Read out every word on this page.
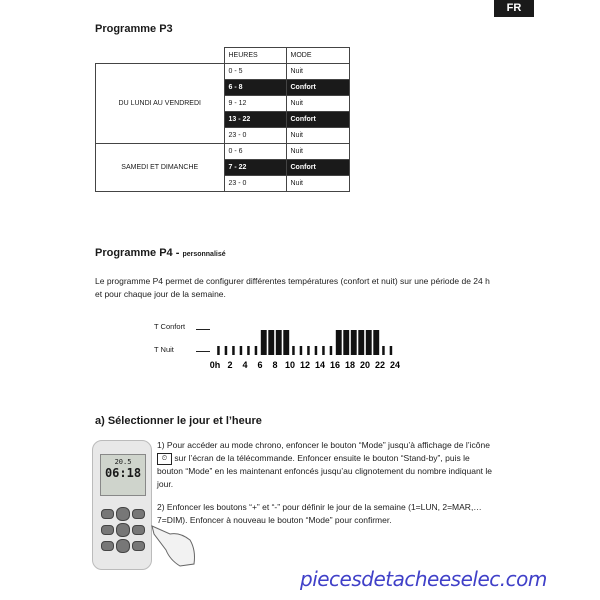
FR
Programme P3
	HEURES	MODE
DU LUNDI AU VENDREDI	0 - 5	Nuit
	6 - 8	Confort
	9 - 12	Nuit
	13 - 22	Confort
	23 - 0	Nuit
SAMEDI ET DIMANCHE	0 - 6	Nuit
	7 - 22	Confort
	23 - 0	Nuit
Programme P4 - personnalisé
Le programme P4 permet de configurer différentes températures (confort et nuit) sur une période de 24 h et pour chaque jour de la semaine.
T Confort
T Nuit
0h 2 4 6 8 10 12 14 16 18 20 22 24
a) Sélectionner le jour et l’heure
20.5
06:18
1) Pour accéder au mode chrono, enfoncer le bouton “Mode” jusqu’à affichage de l’icône ⏲ sur l’écran de la télécommande. Enfoncer ensuite le bouton “Stand-by”, puis le bouton “Mode” en les maintenant enfoncés jusqu’au clignotement du nombre indiquant le jour.
2) Enfoncer les boutons “+” et “-” pour définir le jour de la semaine (1=LUN, 2=MAR,…7=DIM). Enfoncer à nouveau le bouton “Mode” pour confirmer.
piecesdetacheeselec.com
